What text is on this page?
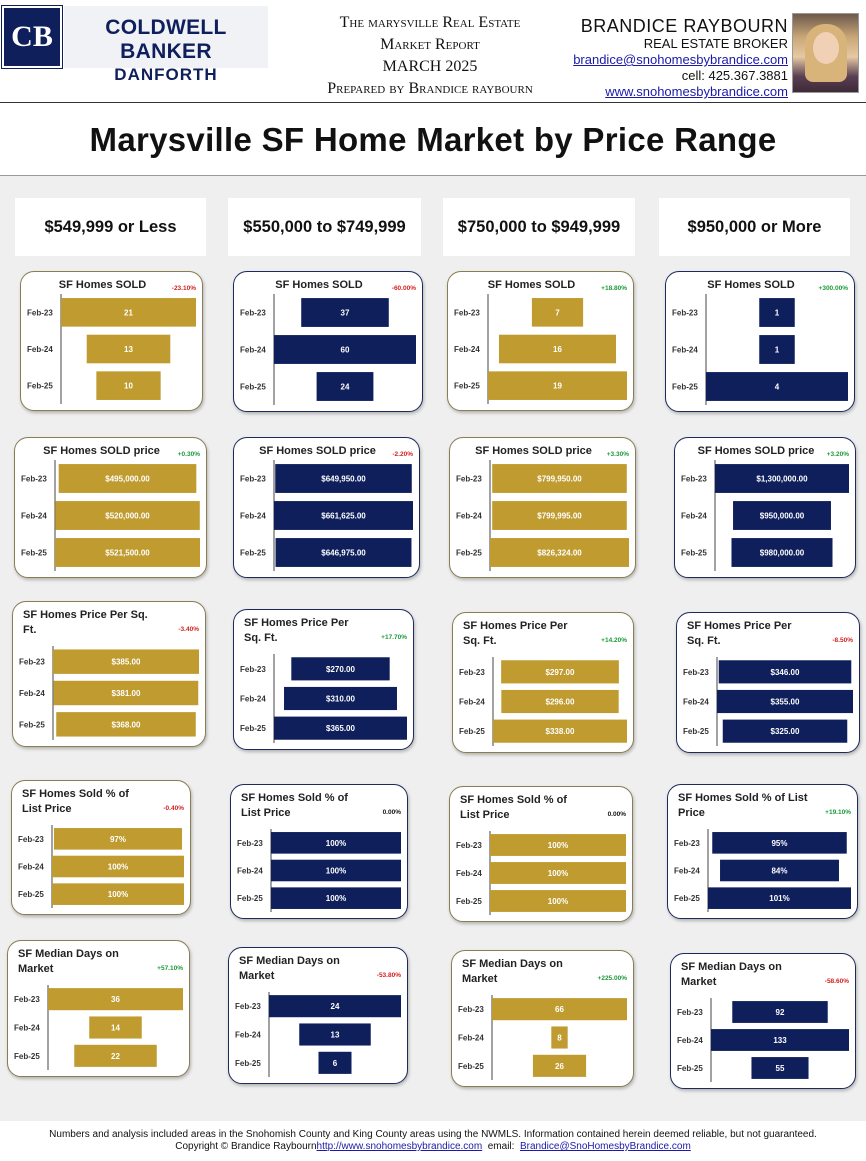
CB	COLDWELL BANKER
DANFORTH
The marysville Real Estate
Market Report
MARCH 2025
Prepared by Brandice raybourn
BRANDICE RAYBOURN
REAL ESTATE BROKER
brandice@snohomesbybrandice.com
cell: 425.367.3881
www.snohomesbybrandice.com
Marysville SF Home Market by Price Range
$549,999 or Less	$550,000 to $749,999	$750,000 to $949,999	$950,000 or More
SF Homes SOLD	-23.10%
21
Feb-23
13
Feb-24
10
Feb-25
SF Homes SOLD	-60.00%
37
Feb-23
60
Feb-24
24
Feb-25
SF Homes SOLD	+18.80%
7
Feb-23
16
Feb-24
19
Feb-25
SF Homes SOLD	+300.00%
1
Feb-23
1
Feb-24
4
Feb-25
SF Homes SOLD price	+0.30%
$495,000.00
Feb-23
$520,000.00
Feb-24
$521,500.00
Feb-25
SF Homes SOLD price	-2.20%
$649,950.00
Feb-23
$661,625.00
Feb-24
$646,975.00
Feb-25
SF Homes SOLD price	+3.30%
$799,950.00
Feb-23
$799,995.00
Feb-24
$826,324.00
Feb-25
SF Homes SOLD price	+3.20%
$1,300,000.00
Feb-23
$950,000.00
Feb-24
$980,000.00
Feb-25
SF Homes Price Per Sq. Ft.	-3.40%
$385.00
Feb-23
$381.00
Feb-24
$368.00
Feb-25
SF Homes Price Per Sq. Ft.	+17.70%
$270.00
Feb-23
$310.00
Feb-24
$365.00
Feb-25
SF Homes Price Per Sq. Ft.	+14.20%
$297.00
Feb-23
$296.00
Feb-24
$338.00
Feb-25
SF Homes Price Per Sq. Ft.	-8.50%
$346.00
Feb-23
$355.00
Feb-24
$325.00
Feb-25
SF Homes Sold % of List Price	-0.40%
97%
Feb-23
100%
Feb-24
100%
Feb-25
SF Homes Sold % of List Price	0.00%
100%
Feb-23
100%
Feb-24
100%
Feb-25
SF Homes Sold % of List Price	0.00%
100%
Feb-23
100%
Feb-24
100%
Feb-25
SF Homes Sold % of List Price	+19.10%
95%
Feb-23
84%
Feb-24
101%
Feb-25
SF Median Days on Market	+57.10%
36
Feb-23
14
Feb-24
22
Feb-25
SF Median Days on Market	-53.80%
24
Feb-23
13
Feb-24
6
Feb-25
SF Median Days on Market	+225.00%
66
Feb-23
8
Feb-24
26
Feb-25
SF Median Days on Market	-58.60%
92
Feb-23
133
Feb-24
55
Feb-25
Numbers and analysis included areas in the Snohomish County and King County areas using the NWMLS. Information contained herein deemed reliable, but not guaranteed.
Copyright © Brandice Raybournhttp://www.snohomesbybrandice.com  email:  Brandice@SnoHomesbyBrandice.com
